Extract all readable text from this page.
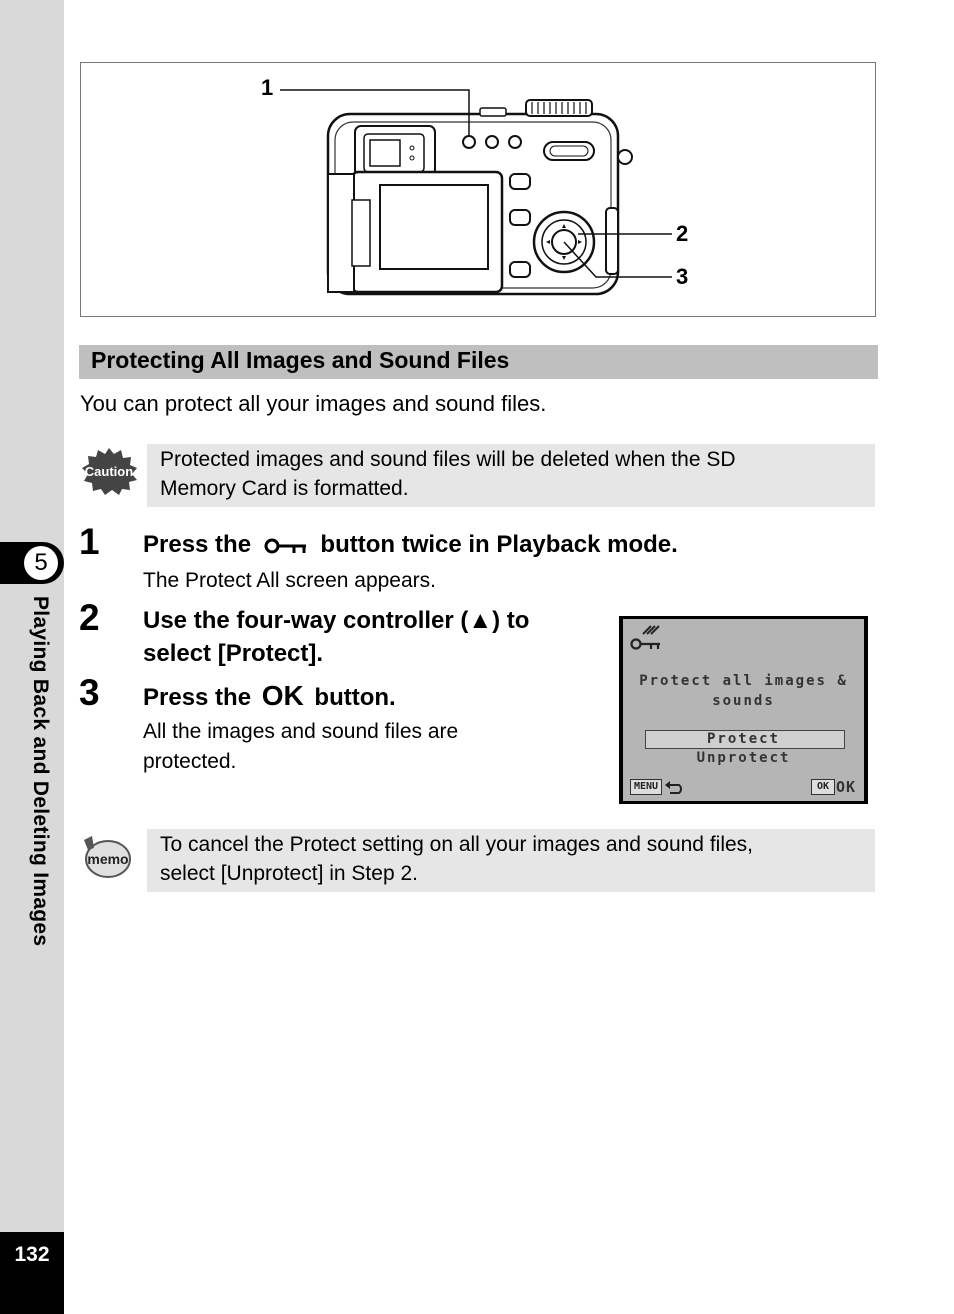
5
Playing Back and Deleting Images
132
1
2
3
Protecting All Images and Sound Files
You can protect all your images and sound files.
Caution
Protected images and sound files will be deleted when the SD
Memory Card is formatted.
1 Press the	button twice in Playback mode.
The Protect All screen appears.
2 Use the four-way controller (▲) to
select [Protect].
3 Press the OK button.
All the images and sound files are
protected.
Protect all images &
sounds
Protect
Unprotect
MENU	OK OK
memo
To cancel the Protect setting on all your images and sound files,
select [Unprotect] in Step 2.
